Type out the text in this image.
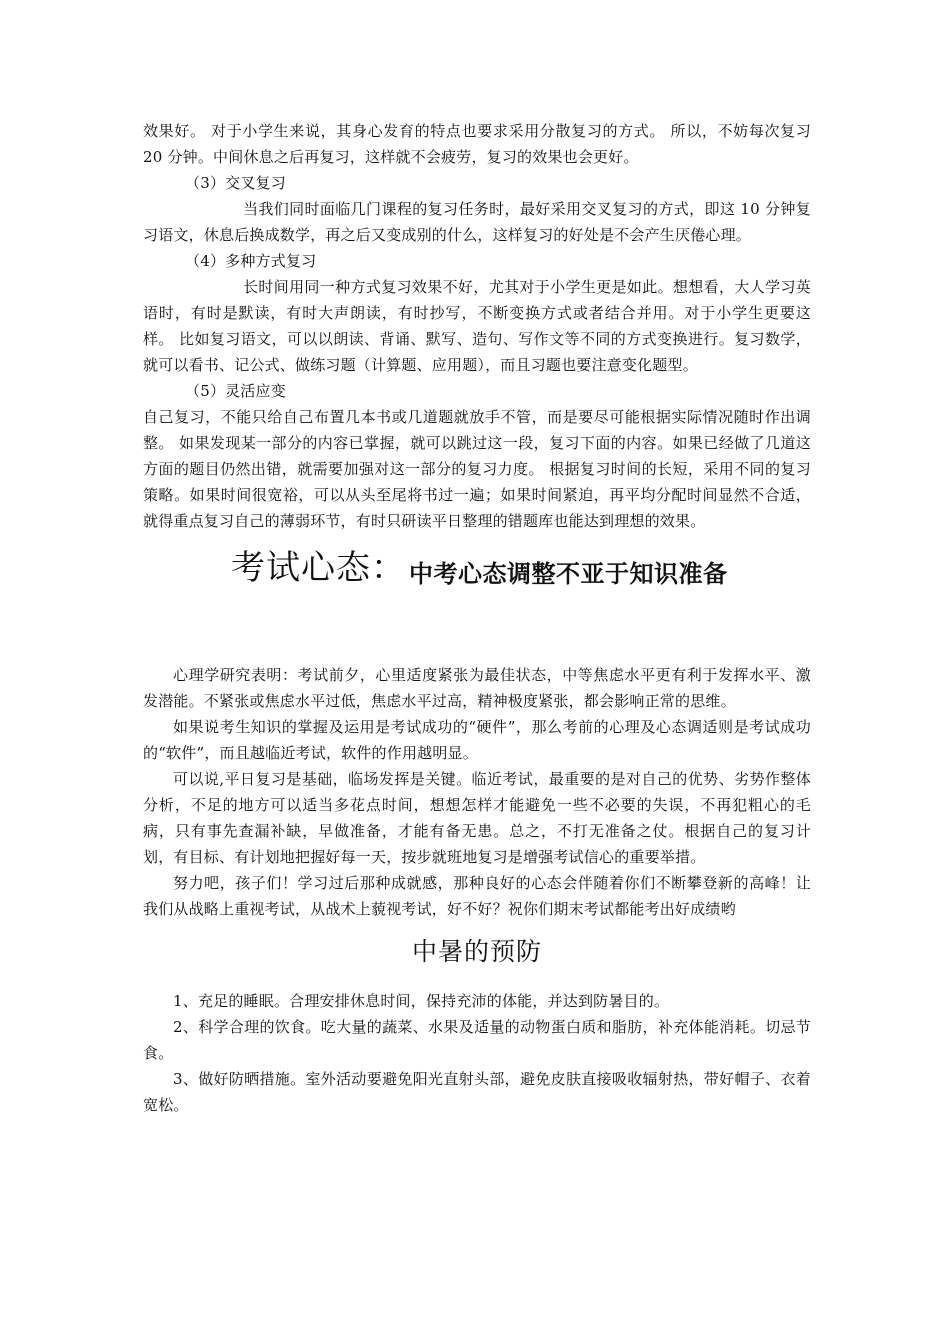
效果好。 对于小学生来说，其身心发育的特点也要求采用分散复习的方式。 所以，不妨每次复习 20 分钟。中间休息之后再复习，这样就不会疲劳，复习的效果也会更好。

（3）交叉复习

当我们同时面临几门课程的复习任务时，最好采用交叉复习的方式，即这 10 分钟复习语文，休息后换成数学，再之后又变成别的什么，这样复习的好处是不会产生厌倦心理。

（4）多种方式复习

长时间用同一种方式复习效果不好，尤其对于小学生更是如此。想想看，大人学习英语时，有时是默读，有时大声朗读，有时抄写，不断变换方式或者结合并用。对于小学生更要这样。 比如复习语文，可以以朗读、背诵、默写、造句、写作文等不同的方式变换进行。复习数学，就可以看书、记公式、做练习题（计算题、应用题），而且习题也要注意变化题型。

（5）灵活应变

自己复习，不能只给自己布置几本书或几道题就放手不管，而是要尽可能根据实际情况随时作出调整。 如果发现某一部分的内容已掌握，就可以跳过这一段，复习下面的内容。如果已经做了几道这方面的题目仍然出错，就需要加强对这一部分的复习力度。 根据复习时间的长短，采用不同的复习策略。如果时间很宽裕，可以从头至尾将书过一遍；如果时间紧迫，再平均分配时间显然不合适，就得重点复习自己的薄弱环节，有时只研读平日整理的错题库也能达到理想的效果。

考试心态： 中考心态调整不亚于知识准备

心理学研究表明：考试前夕，心里适度紧张为最佳状态，中等焦虑水平更有利于发挥水平、激发潜能。不紧张或焦虑水平过低，焦虑水平过高，精神极度紧张，都会影响正常的思维。

如果说考生知识的掌握及运用是考试成功的“硬件”，那么考前的心理及心态调适则是考试成功的“软件”，而且越临近考试，软件的作用越明显。

可以说,平日复习是基础，临场发挥是关键。临近考试，最重要的是对自己的优势、劣势作整体分析，不足的地方可以适当多花点时间，想想怎样才能避免一些不必要的失误，不再犯粗心的毛病，只有事先查漏补缺，早做准备，才能有备无患。总之，不打无准备之仗。根据自己的复习计划，有目标、有计划地把握好每一天，按步就班地复习是增强考试信心的重要举措。

努力吧，孩子们！学习过后那种成就感，那种良好的心态会伴随着你们不断攀登新的高峰！让我们从战略上重视考试，从战术上藐视考试，好不好？祝你们期末考试都能考出好成绩哟

中暑的预防

1、充足的睡眠。合理安排休息时间，保持充沛的体能，并达到防暑目的。

2、科学合理的饮食。吃大量的蔬菜、水果及适量的动物蛋白质和脂肪，补充体能消耗。切忌节食。

3、做好防晒措施。室外活动要避免阳光直射头部，避免皮肤直接吸收辐射热，带好帽子、衣着宽松。
